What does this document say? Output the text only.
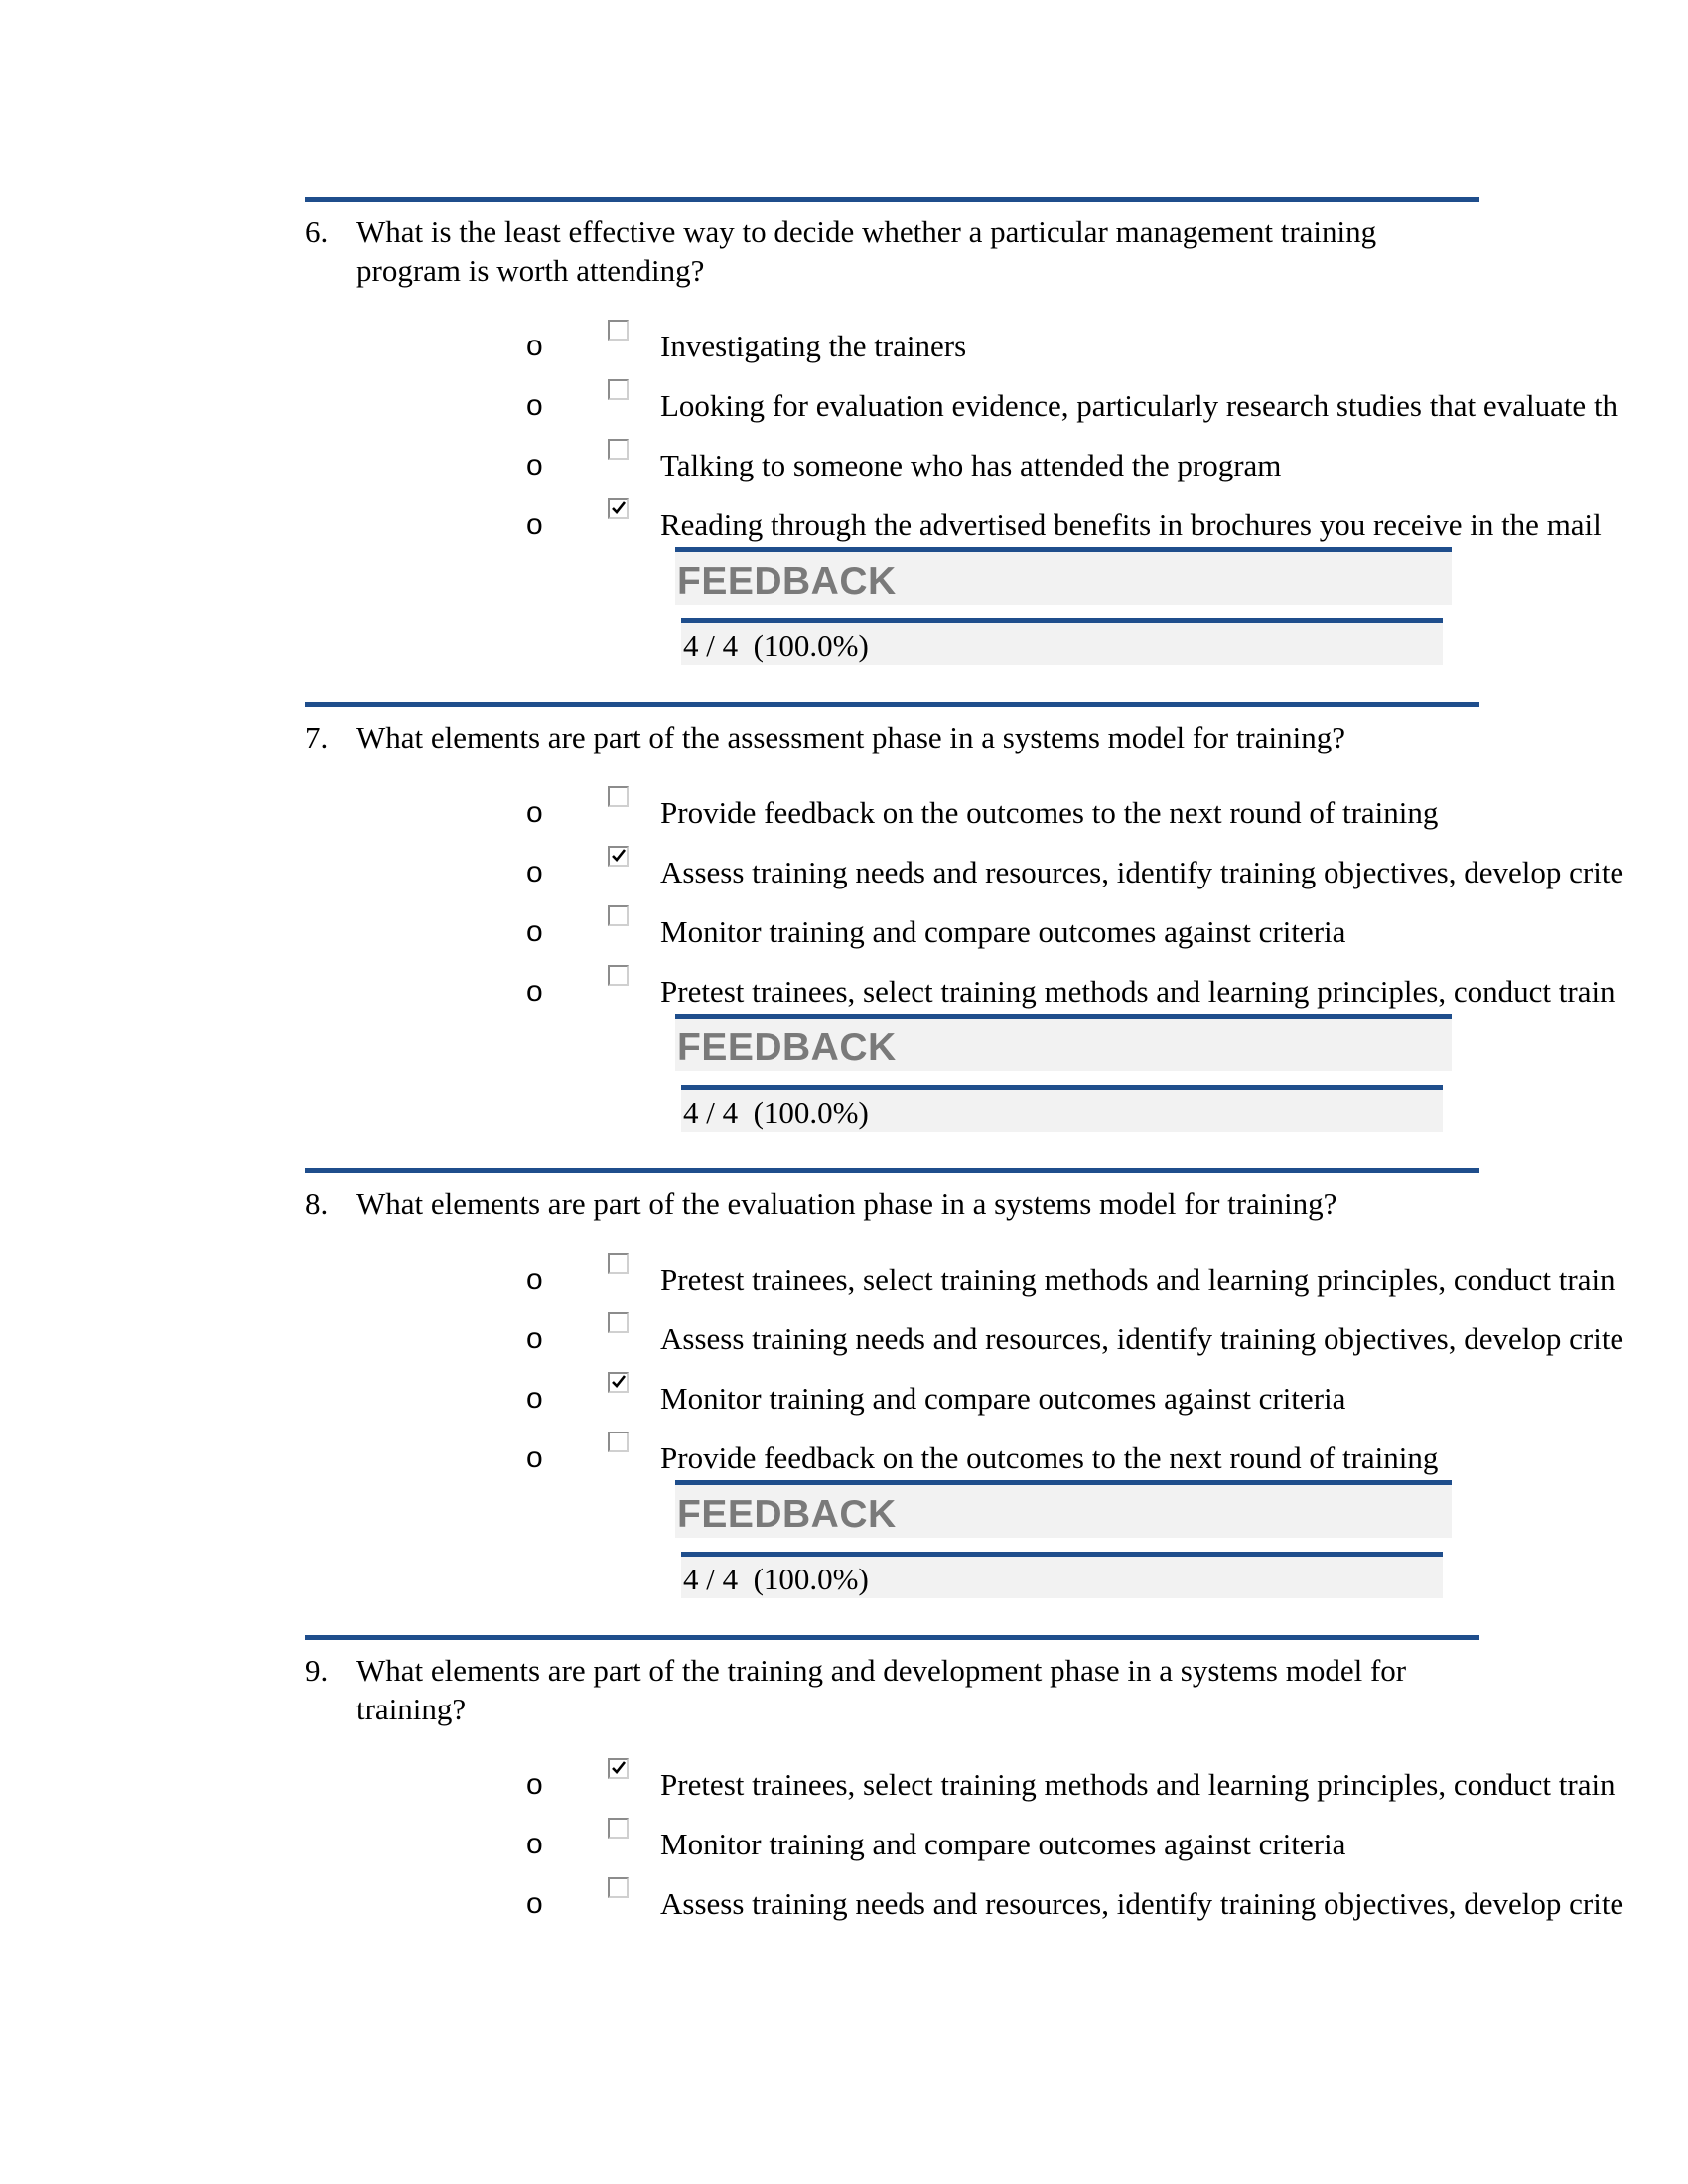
6. What is the least effective way to decide whether a particular management training program is worth attending?
o	Investigating the trainers
o	Looking for evaluation evidence, particularly research studies that evaluate th
o	Talking to someone who has attended the program
o	Reading through the advertised benefits in brochures you receive in the mail
FEEDBACK
4 / 4  (100.0%)
7. What elements are part of the assessment phase in a systems model for training?
o	Provide feedback on the outcomes to the next round of training
o	Assess training needs and resources, identify training objectives, develop crite
o	Monitor training and compare outcomes against criteria
o	Pretest trainees, select training methods and learning principles, conduct train
FEEDBACK
4 / 4  (100.0%)
8. What elements are part of the evaluation phase in a systems model for training?
o	Pretest trainees, select training methods and learning principles, conduct train
o	Assess training needs and resources, identify training objectives, develop crite
o	Monitor training and compare outcomes against criteria
o	Provide feedback on the outcomes to the next round of training
FEEDBACK
4 / 4  (100.0%)
9. What elements are part of the training and development phase in a systems model for training?
o	Pretest trainees, select training methods and learning principles, conduct train
o	Monitor training and compare outcomes against criteria
o	Assess training needs and resources, identify training objectives, develop crite
